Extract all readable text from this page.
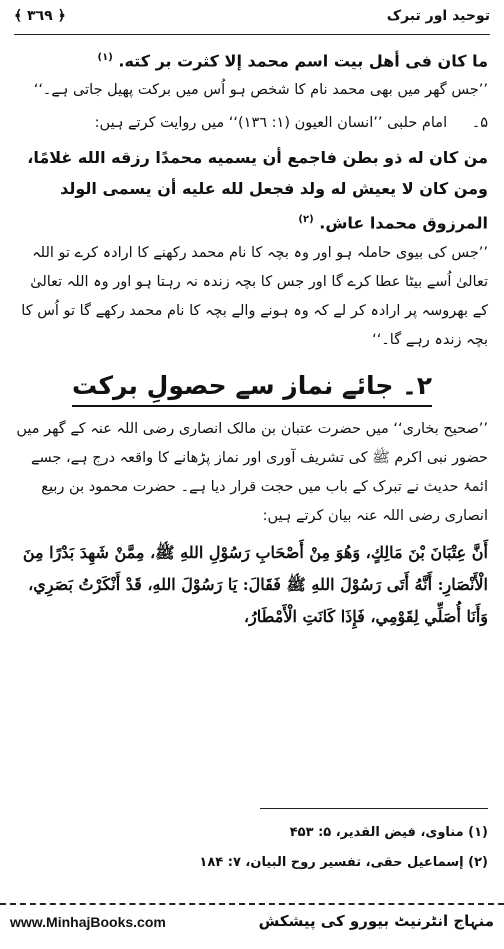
﴿ ٣٦٩ ﴾	توحید اور تبرک
ما كان فى أهل بيت اسم محمد إلا كثرت بر كته. $^{(١)}$
’’جس گھر میں بھی محمد نام کا شخص ہو اُس میں برکت پھیل جاتی ہے۔‘‘
۵۔ امام حلبی ’’انسان العیون (١: ١٣٦)‘‘ میں روایت کرتے ہیں:
من كان له ذو بطن فاجمع أن يسميه محمدًا رزقه الله غلامًا، ومن كان لا يعيش له ولد فجعل لله عليه أن يسمى الولد المرزوق محمدا عاش. $^{(٢)}$
’’جس کی بیوی حاملہ ہو اور وہ بچہ کا نام محمد رکھنے کا ارادہ کرے تو اللہ تعالیٰ اُسے بیٹا عطا کرے گا اور جس کا بچہ زندہ نہ رہتا ہو اور وہ اللہ تعالیٰ کے بھروسہ پر ارادہ کر لے کہ وہ ہونے والے بچہ کا نام محمد رکھے گا تو اُس کا بچہ زندہ رہے گا۔‘‘
٢۔ جائے نماز سے حصولِ برکت
’’صحیح بخاری‘‘ میں حضرت عتبان بن مالک انصاری رضی اللہ عنہ کے گھر میں حضور نبی اکرم ﷺ کی تشریف آوری اور نماز پڑھانے کا واقعہ درج ہے، جسے ائمۂ حدیث نے تبرک کے باب میں حجت قرار دیا ہے۔ حضرت محمود بن ربیع انصاری رضی اللہ عنہ بیان کرتے ہیں:
أَنَّ عِتْبَانَ بْنَ مَالِكٍ، وَهُوَ مِنْ أَصْحَابِ رَسُوْلِ اللهِ ﷺ، مِمَّنْ شَهِدَ بَدْرًا مِنَ الْأَنْصَارِ: أَنَّهُ أَتَى رَسُوْلَ اللهِ ﷺ فَقَالَ: يَا رَسُوْلَ اللهِ، قَدْ أَنْكَرْتُ بَصَرِي، وَأَنَا أُصَلِّي لِقَوْمِي، فَإِذَا كَانَتِ الْأَمْطَارُ،
(١) مناوی، فیض القدیر، ۵: ۴۵۳
(٢) إسماعیل حقی، تفسیر روح البیان، ۷: ۱۸۴
www.MinhajBooks.com	منہاج انٹرنیٹ بیورو کی پیشکش
